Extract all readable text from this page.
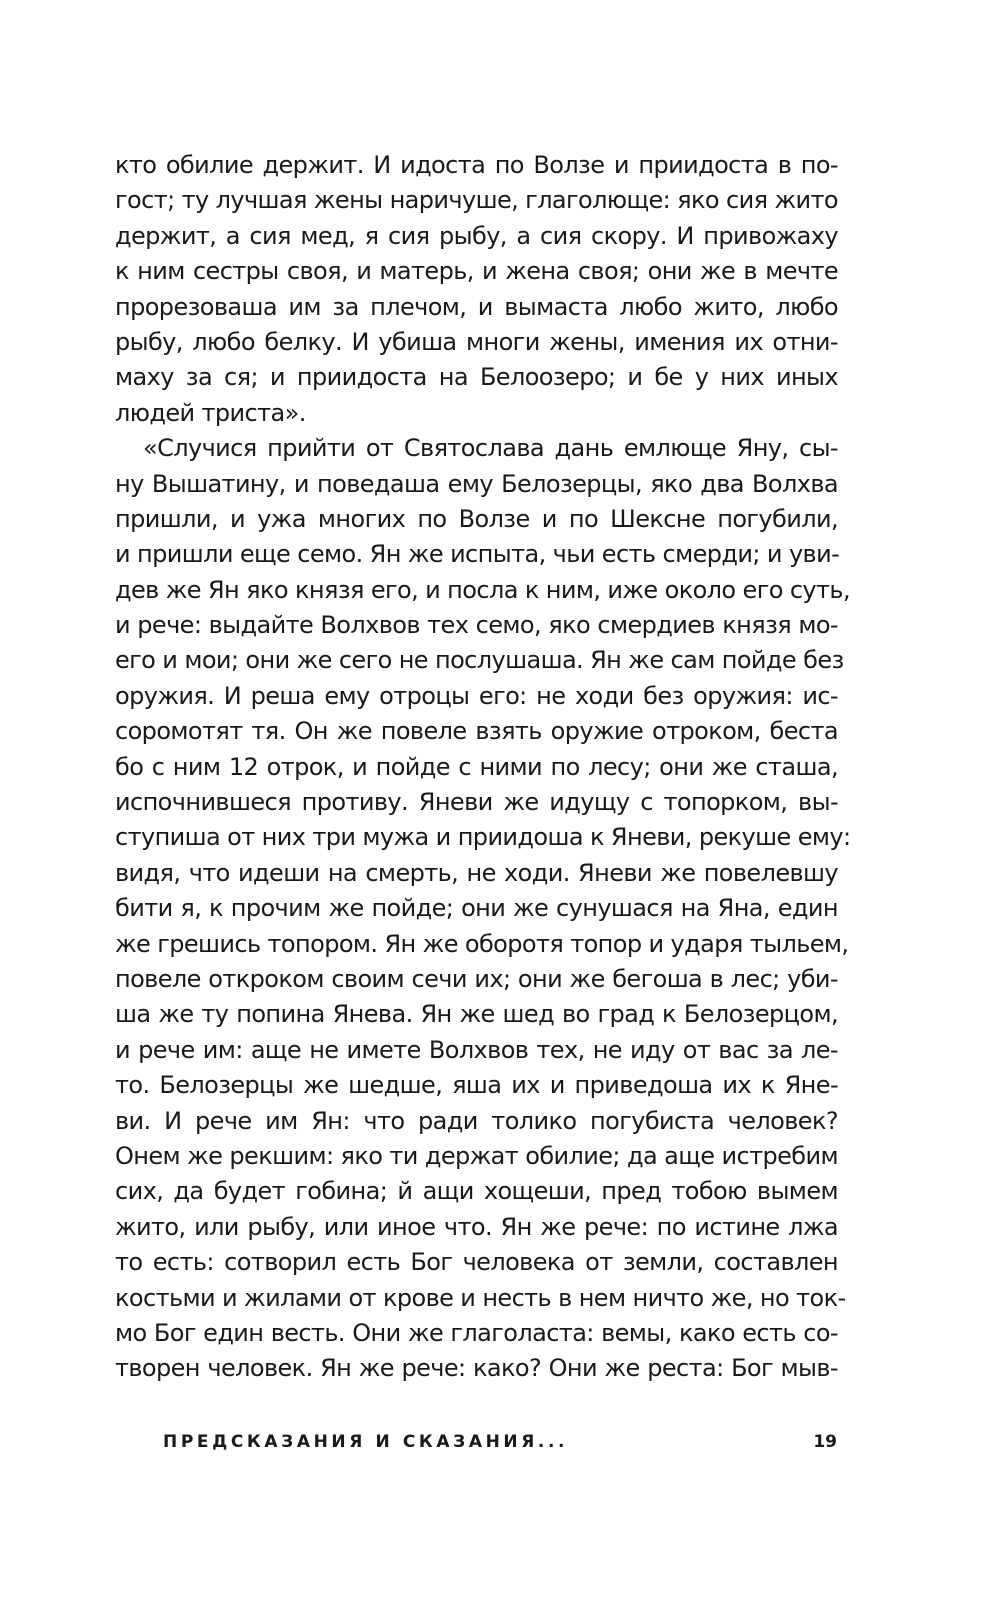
кто обилие держит. И идоста по Волзе и приидоста в по-
гост; ту лучшая жены наричуше, глаголюще: яко сия жито
держит, а сия мед, я сия рыбу, а сия скору. И привожаху
к ним сестры своя, и матерь, и жена своя; они же в мечте
прорезоваша им за плечом, и вымаста любо жито, любо
рыбу, любо белку. И убиша многи жены, имения их отни-
маху за ся; и приидоста на Белоозеро; и бе у них иных
людей триста».
«Случися прийти от Святослава дань емлюще Яну, сы-
ну Вышатину, и поведаша ему Белозерцы, яко два Волхва
пришли, и ужа многих по Волзе и по Шексне погубили,
и пришли еще семо. Ян же испыта, чьи есть смерди; и уви-
дев же Ян яко князя его, и посла к ним, иже около его суть,
и рече: выдайте Волхвов тех семо, яко смердиев князя мо-
его и мои; они же сего не послушаша. Ян же сам пойде без
оружия. И реша ему отроцы его: не ходи без оружия: ис-
соромотят тя. Он же повеле взять оружие отроком, беста
бо с ним 12 отрок, и пойде с ними по лесу; они же сташа,
испочнившеся противу. Яневи же идущу с топорком, вы-
ступиша от них три мужа и приидоша к Яневи, рекуше ему:
видя, что идеши на смерть, не ходи. Яневи же повелевшу
бити я, к прочим же пойде; они же сунушася на Яна, един
же грешись топором. Ян же оборотя топор и ударя тыльем,
повеле откроком своим сечи их; они же бегоша в лес; уби-
ша же ту попина Янева. Ян же шед во град к Белозерцом,
и рече им: аще не имете Волхвов тех, не иду от вас за ле-
то. Белозерцы же шедше, яша их и приведоша их к Яне-
ви. И рече им Ян: что ради толико погубиста человек?
Онем же рекшим: яко ти держат обилие; да аще истребим
сих, да будет гобина; й ащи хощеши, пред тобою вымем
жито, или рыбу, или иное что. Ян же рече: по истине лжа
то есть: сотворил есть Бог человека от земли, составлен
костьми и жилами от крове и несть в нем ничто же, но ток-
мо Бог един весть. Они же глаголаста: вемы, како есть со-
творен человек. Ян же рече: како? Они же реста: Бог мыв-
ПРЕДСКАЗАНИЯ И СКАЗАНИЯ...	19
